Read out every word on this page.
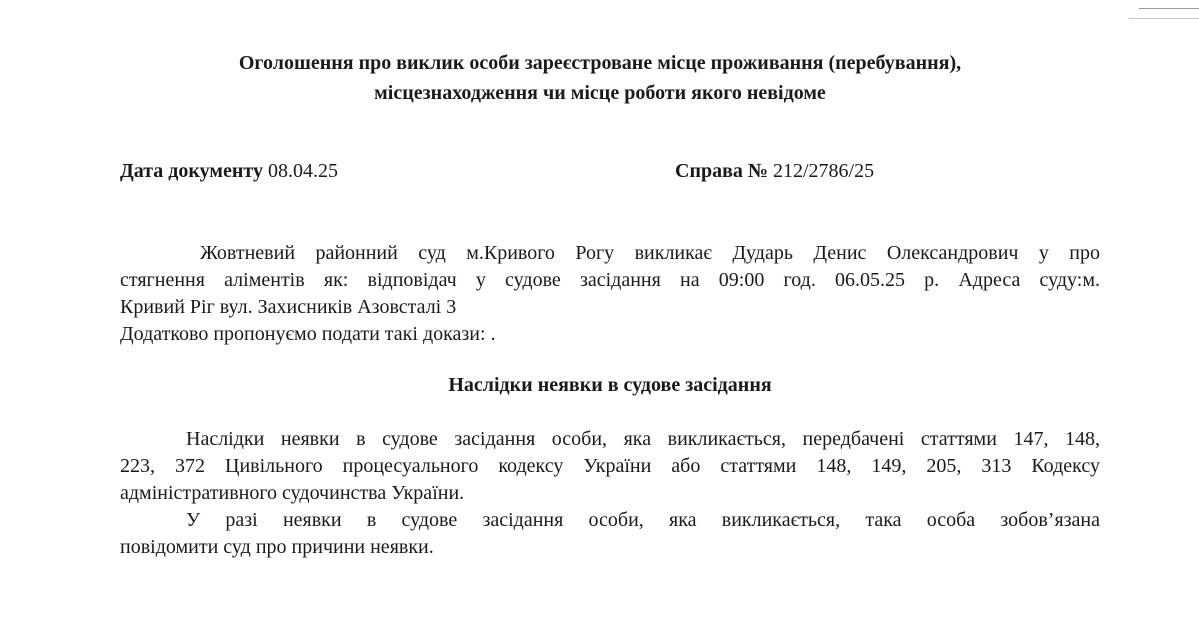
Оголошення про виклик особи зареєстроване місце проживання (перебування),
місцезнаходження чи місце роботи якого невідоме
Дата документу 08.04.25	Справа № 212/2786/25
Жовтневий районний суд м.Кривого Рогу викликає Дударь Денис Олександрович у про
стягнення аліментів як: відповідач у судове засідання на 09:00 год. 06.05.25 р. Адреса суду:м.
Кривий Ріг вул. Захисників Азовсталі 3
Додатково пропонуємо подати такі докази: .
Наслідки неявки в судове засідання
Наслідки неявки в судове засідання особи, яка викликається, передбачені статтями 147, 148,
223, 372 Цивільного процесуального кодексу України або статтями 148, 149, 205, 313 Кодексу
адміністративного судочинства України.
У разі неявки в судове засідання особи, яка викликається, така особа зобов’язана
повідомити суд про причини неявки.
